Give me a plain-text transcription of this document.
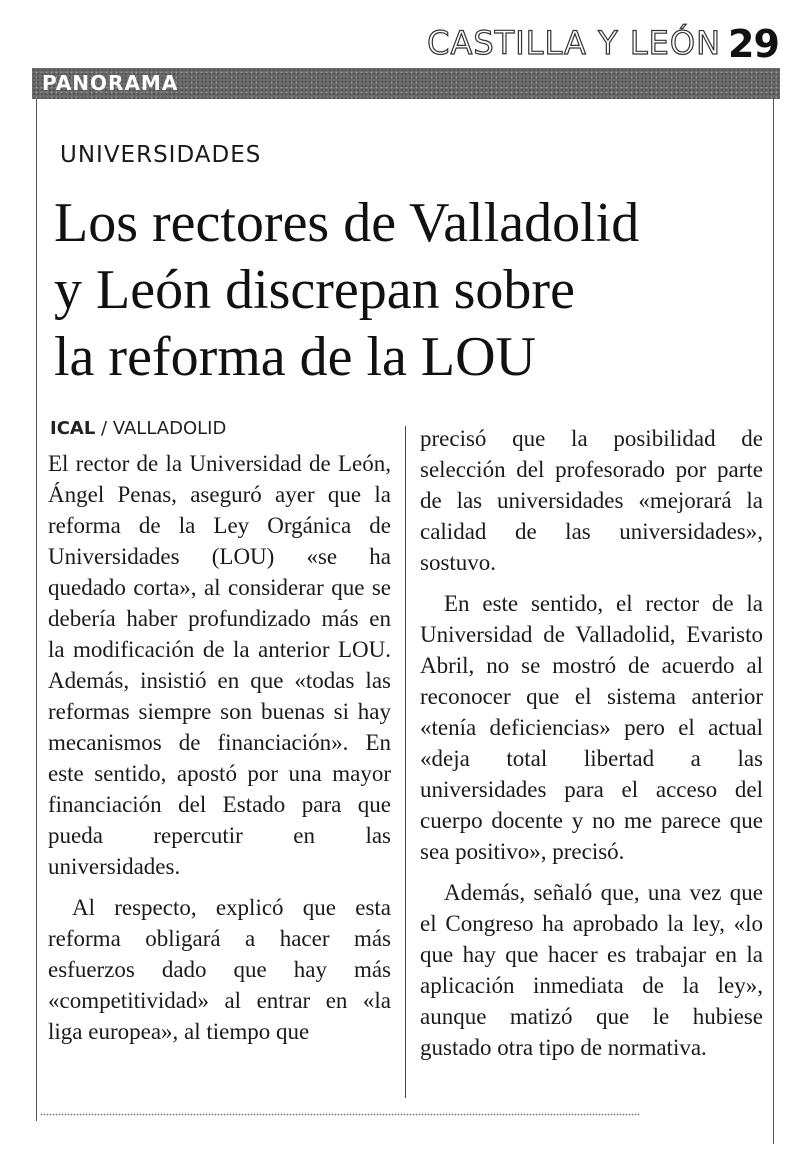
CASTILLA Y LEÓN 29
PANORAMA
UNIVERSIDADES
Los rectores de Valladolid
y León discrepan sobre
la reforma de la LOU
ICAL / VALLADOLID

El rector de la Universidad de León, Ángel Penas, aseguró ayer que la reforma de la Ley Orgánica de Universidades (LOU) «se ha quedado corta», al considerar que se debería haber profundizado más en la modificación de la anterior LOU. Además, insistió en que «todas las reformas siempre son buenas si hay mecanismos de financiación». En este sentido, apostó por una mayor financiación del Estado para que pueda repercutir en las universidades.

Al respecto, explicó que esta reforma obligará a hacer más esfuerzos dado que hay más «competitividad» al entrar en «la liga europea», al tiempo que

precisó que la posibilidad de selección del profesorado por parte de las universidades «mejorará la calidad de las universidades», sostuvo.

En este sentido, el rector de la Universidad de Valladolid, Evaristo Abril, no se mostró de acuerdo al reconocer que el sistema anterior «tenía deficiencias» pero el actual «deja total libertad a las universidades para el acceso del cuerpo docente y no me parece que sea positivo», precisó.

Además, señaló que, una vez que el Congreso ha aprobado la ley, «lo que hay que hacer es trabajar en la aplicación inmediata de la ley», aunque matizó que le hubiese gustado otra tipo de normativa.
